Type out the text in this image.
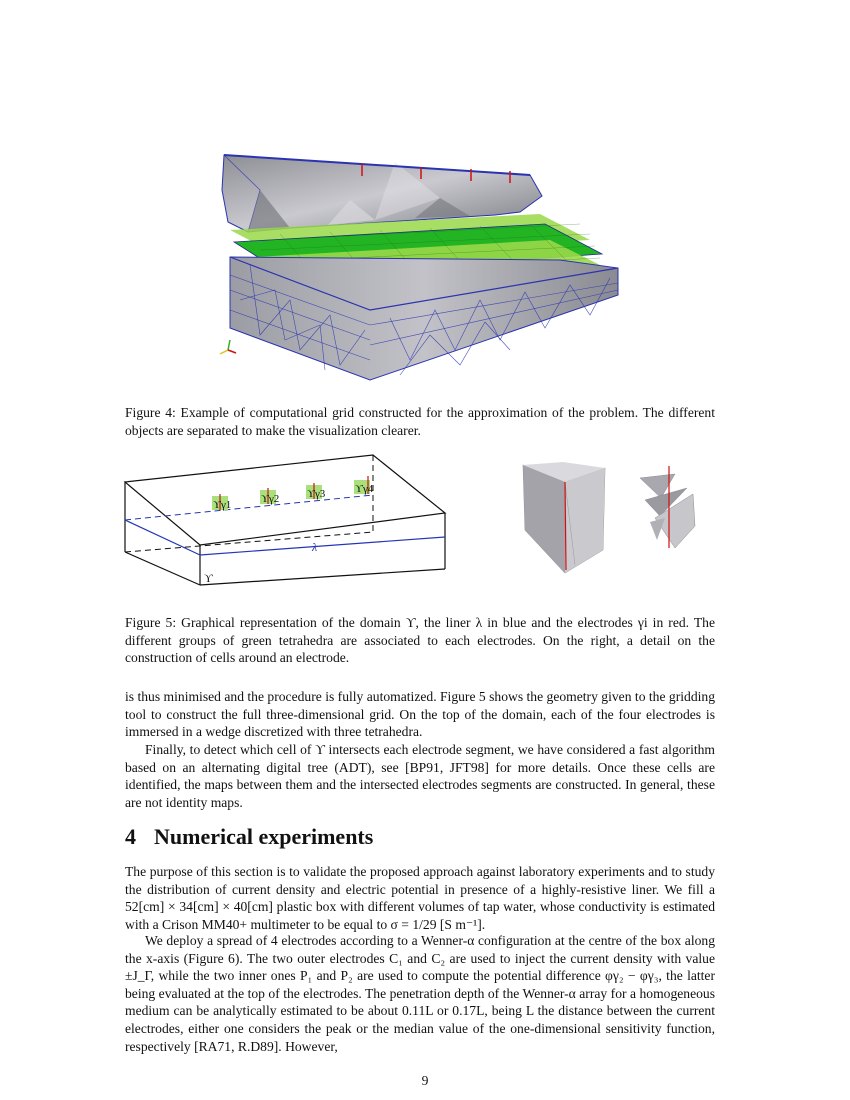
Figure 4: Example of computational grid constructed for the approximation of the problem. The different objects are separated to make the visualization clearer.
λ
ϒγ1	ϒγ2	ϒγ3	ϒγ4
ϒ
Figure 5: Graphical representation of the domain ϒ, the liner λ in blue and the electrodes γi in red. The different groups of green tetrahedra are associated to each electrodes. On the right, a detail on the construction of cells around an electrode.

is thus minimised and the procedure is fully automatized. Figure 5 shows the geometry given to the gridding tool to construct the full three-dimensional grid. On the top of the domain, each of the four electrodes is immersed in a wedge discretized with three tetrahedra.

Finally, to detect which cell of ϒ intersects each electrode segment, we have considered a fast algorithm based on an alternating digital tree (ADT), see [BP91, JFT98] for more details. Once these cells are identified, the maps between them and the intersected electrodes segments are constructed. In general, these are not identity maps.

4 Numerical experiments

The purpose of this section is to validate the proposed approach against laboratory experiments and to study the distribution of current density and electric potential in presence of a highly-resistive liner. We fill a 52[cm] × 34[cm] × 40[cm] plastic box with different volumes of tap water, whose conductivity is estimated with a Crison MM40+ multimeter to be equal to σ = 1/29 [S m⁻¹].

We deploy a spread of 4 electrodes according to a Wenner-α configuration at the centre of the box along the x-axis (Figure 6). The two outer electrodes C₁ and C₂ are used to inject the current density with value ±J_Γ, while the two inner ones P₁ and P₂ are used to compute the potential difference φγ₂ − φγ₃, the latter being evaluated at the top of the electrodes. The penetration depth of the Wenner-α array for a homogeneous medium can be analytically estimated to be about 0.11L or 0.17L, being L the distance between the current electrodes, either one considers the peak or the median value of the one-dimensional sensitivity function, respectively [RA71, R.D89]. However,

9
